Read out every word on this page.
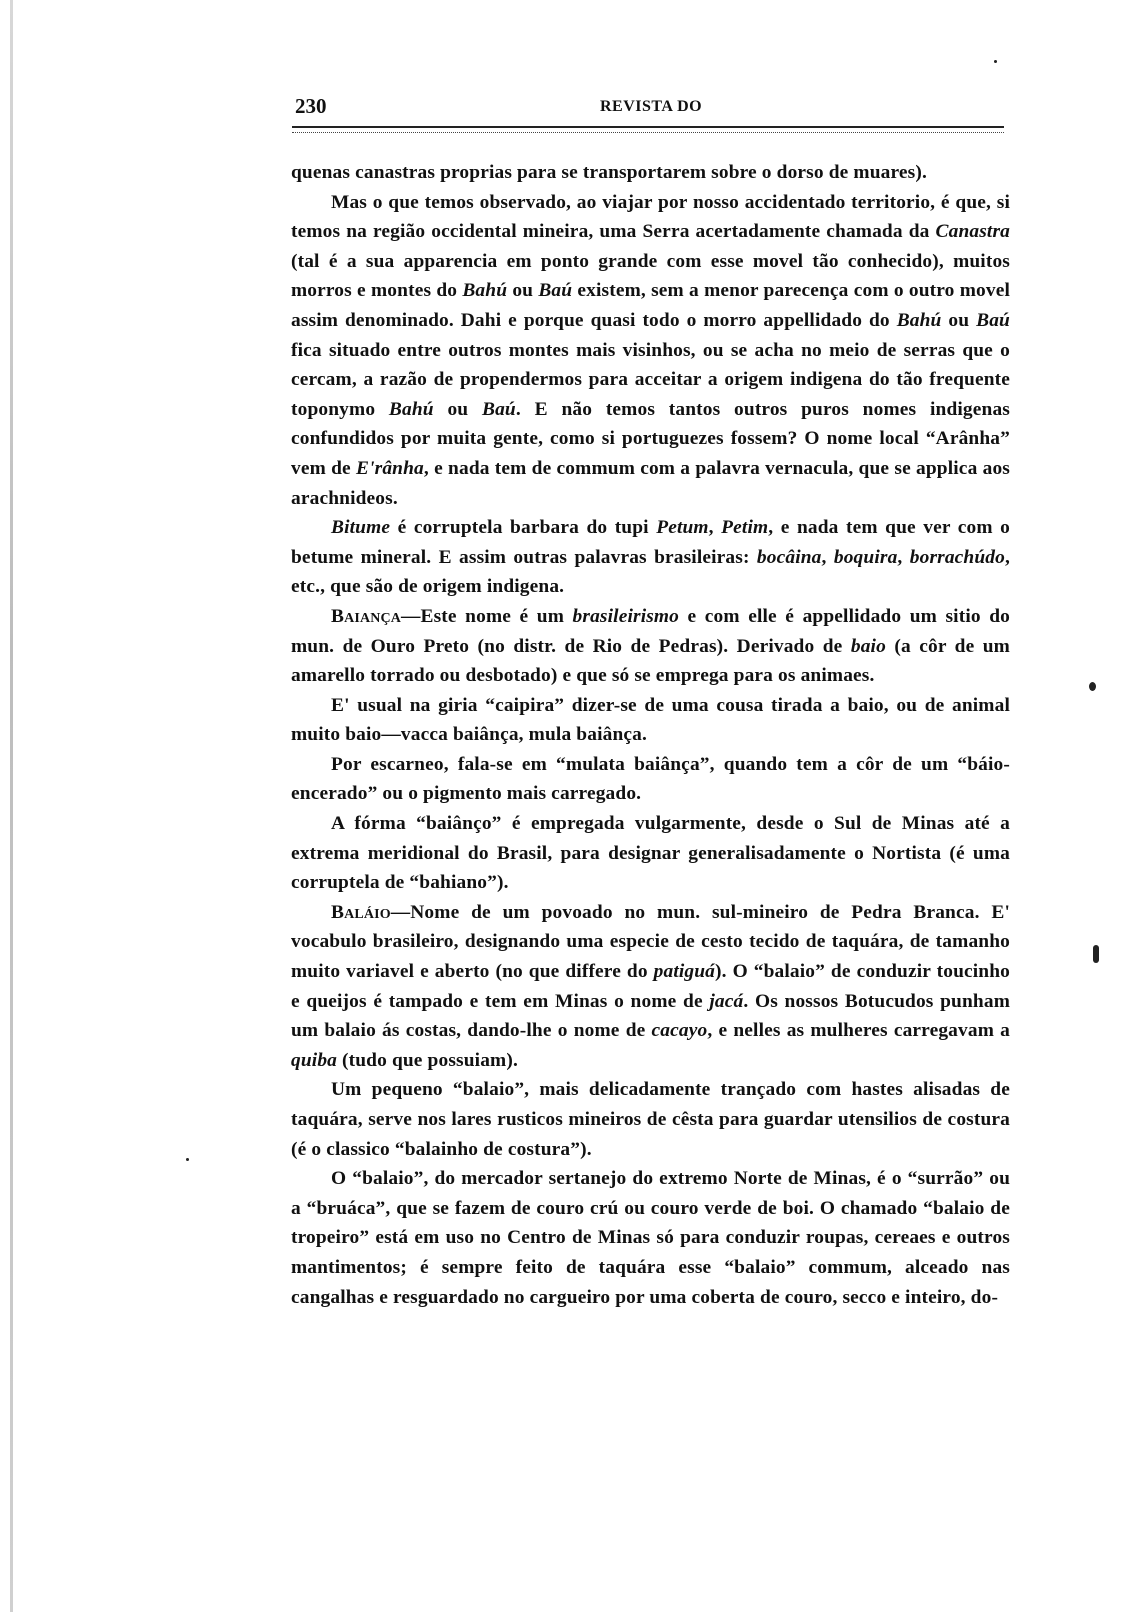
230	REVISTA DO

quenas canastras proprias para se transportarem sobre o dorso de muares).

Mas o que temos observado, ao viajar por nosso accidentado territorio, é que, si temos na região occidental mineira, uma Serra acertadamente chamada da Canastra (tal é a sua apparencia em ponto grande com esse movel tão conhecido), muitos morros e montes do Bahú ou Baú existem, sem a menor parecença com o outro movel assim denominado. Dahi e porque quasi todo o morro appellidado do Bahú ou Baú fica situado entre outros montes mais visinhos, ou se acha no meio de serras que o cercam, a razão de propendermos para acceitar a origem indigena do tão frequente toponymo Bahú ou Baú. E não temos tantos outros puros nomes indigenas confundidos por muita gente, como si portuguezes fossem? O nome local “Arânha” vem de E'rânha, e nada tem de commum com a palavra vernacula, que se applica aos arachnideos.

Bitume é corruptela barbara do tupi Petum, Petim, e nada tem que ver com o betume mineral. E assim outras palavras brasileiras: bocâina, boquira, borrachúdo, etc., que são de origem indigena.

Baiança—Este nome é um brasileirismo e com elle é appellidado um sitio do mun. de Ouro Preto (no distr. de Rio de Pedras). Derivado de baio (a côr de um amarello torrado ou desbotado) e que só se emprega para os animaes.

E' usual na giria “caipira” dizer-se de uma cousa tirada a baio, ou de animal muito baio—vacca baiânça, mula baiânça.

Por escarneo, fala-se em “mulata baiânça”, quando tem a côr de um “báio-encerado” ou o pigmento mais carregado.

A fórma “baiânço” é empregada vulgarmente, desde o Sul de Minas até a extrema meridional do Brasil, para designar generalisadamente o Nortista (é uma corruptela de “bahiano”).

Baláio—Nome de um povoado no mun. sul-mineiro de Pedra Branca. E' vocabulo brasileiro, designando uma especie de cesto tecido de taquára, de tamanho muito variavel e aberto (no que differe do patiguá). O “balaio” de conduzir toucinho e queijos é tampado e tem em Minas o nome de jacá. Os nossos Botucudos punham um balaio ás costas, dando-lhe o nome de cacayo, e nelles as mulheres carregavam a quiba (tudo que possuiam).

Um pequeno “balaio”, mais delicadamente trançado com hastes alisadas de taquára, serve nos lares rusticos mineiros de cêsta para guardar utensilios de costura (é o classico “balainho de costura”).

O “balaio”, do mercador sertanejo do extremo Norte de Minas, é o “surrão” ou a “bruáca”, que se fazem de couro crú ou couro verde de boi. O chamado “balaio de tropeiro” está em uso no Centro de Minas só para conduzir roupas, cereaes e outros mantimentos; é sempre feito de taquára esse “balaio” commum, alceado nas cangalhas e resguardado no cargueiro por uma coberta de couro, secco e inteiro, do-
